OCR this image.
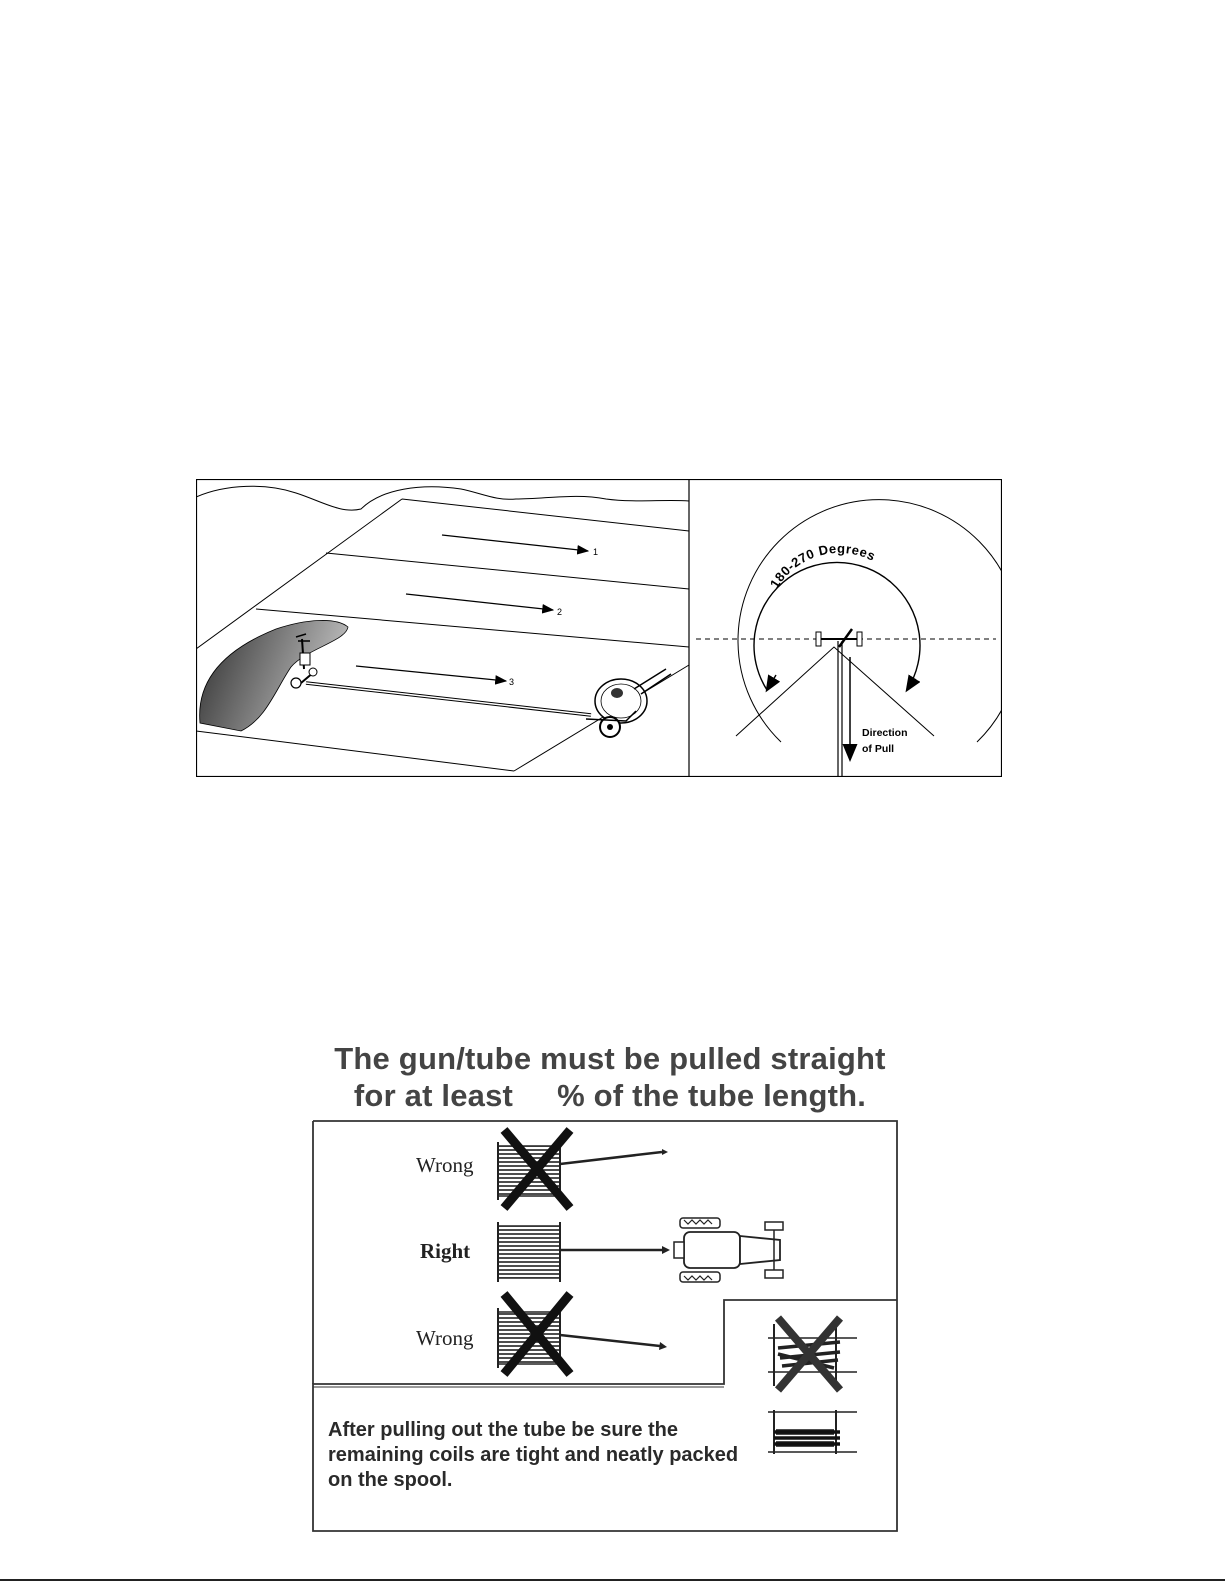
1
2
3
Direction
of Pull
180-270 Degrees
The gun/tube must be pulled straight
for at least % of the tube length.
Wrong
Right
Wrong
After pulling out the tube be sure the remaining coils are tight and neatly packed on the spool.
